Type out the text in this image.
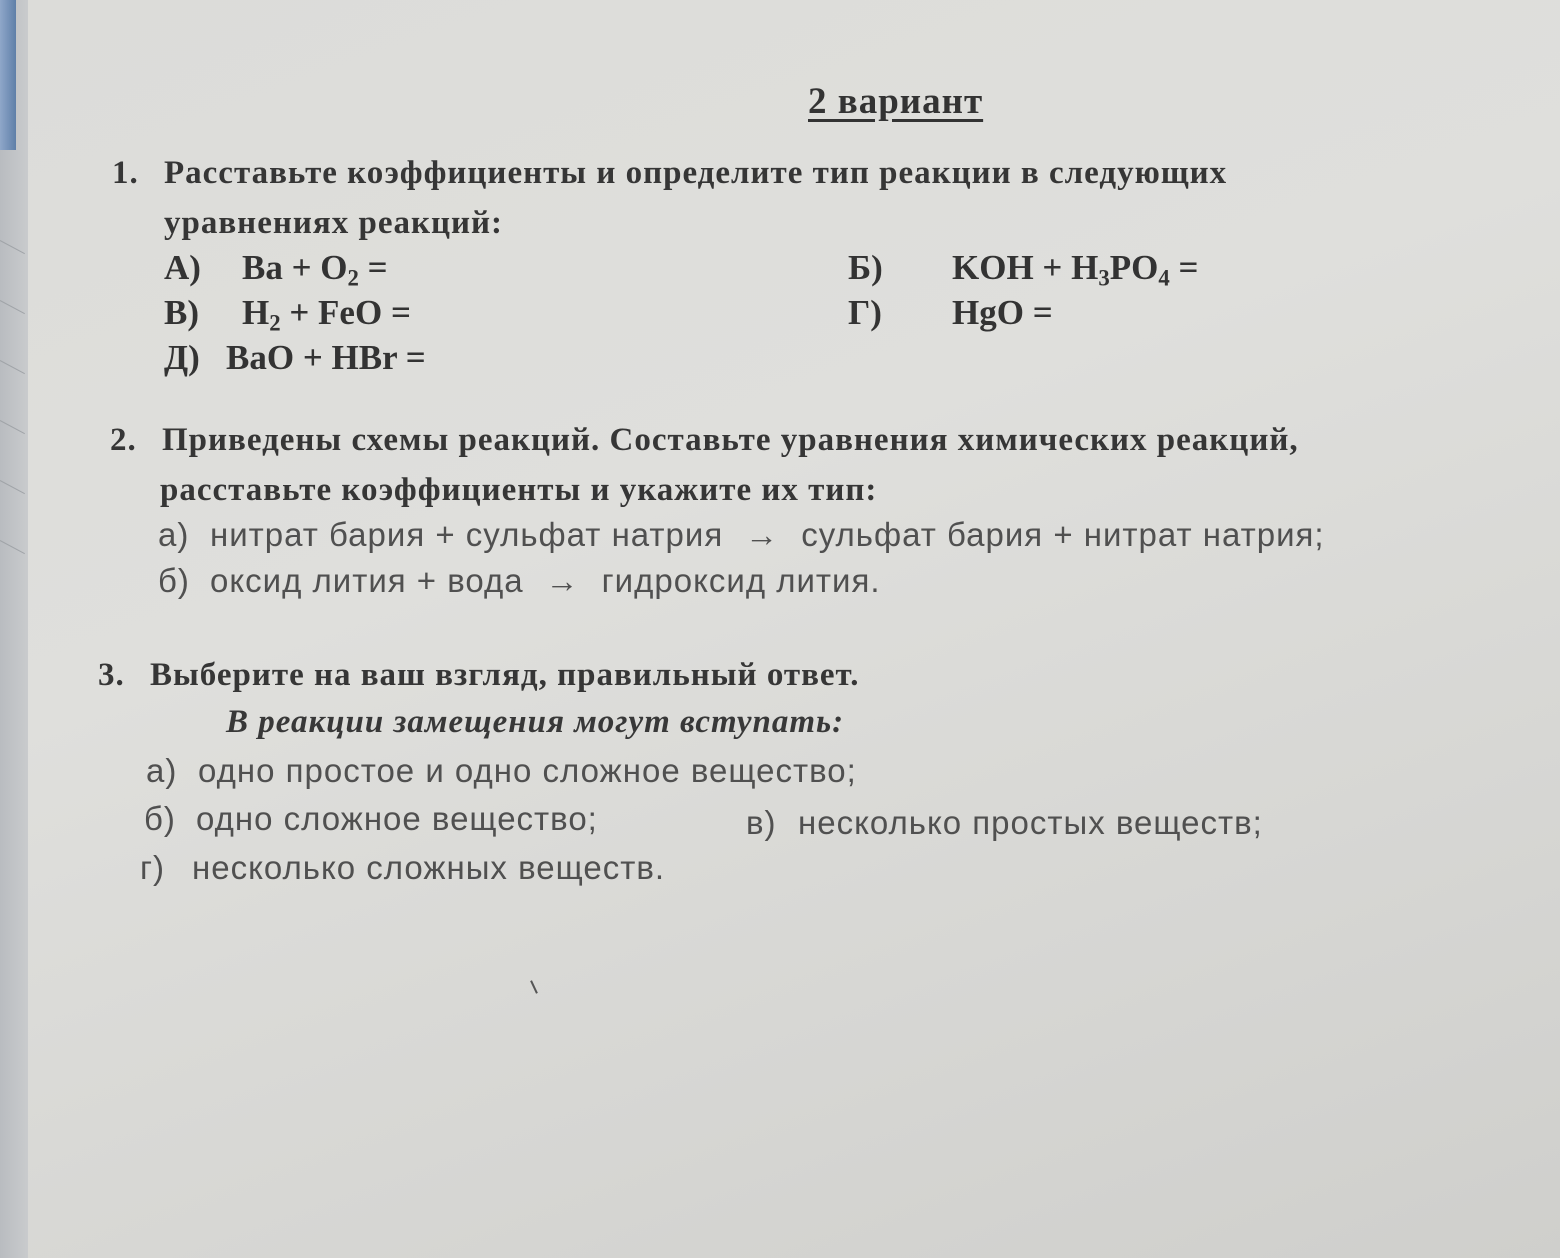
2 вариант
1. Расставьте коэффициенты и определите тип реакции в следующих
уравнениях реакций:
А) $Ba + O_2$ =	Б) KOH + $H_3PO_4$ =
В) $H_2$ + FeO =	Г) HgO =
Д) BaO + HBr =
2. Приведены схемы реакций. Составьте уравнения химических реакций,
расставьте коэффициенты и укажите их тип:
а) нитрат бария + сульфат натрия → сульфат бария + нитрат натрия;
б) оксид лития + вода → гидроксид лития.
3. Выберите на ваш взгляд, правильный ответ.
В реакции замещения могут вступать:
а) одно простое и одно сложное вещество;
б) одно сложное вещество;	в) несколько простых веществ;
г) несколько сложных веществ.
